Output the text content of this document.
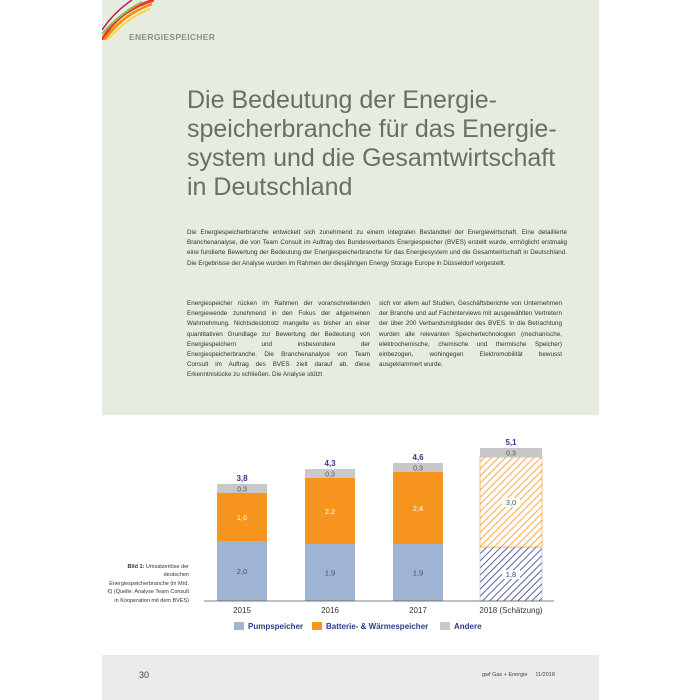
ENERGIESPEICHER
Die Bedeutung der Energie-
speicherbranche für das Energie-
system und die Gesamtwirtschaft
in Deutschland

Die Energiespeicherbranche entwickelt sich zunehmend zu einem integralen Bestandteil der Energiewirtschaft. Eine detaillierte Branchenanalyse, die von Team Consult im Auftrag des Bundesverbands Energiespeicher (BVES) erstellt wurde, ermöglicht erstmalig eine fundierte Bewertung der Bedeutung der Energiespeicherbranche für das Energiesystem und die Gesamtwirtschaft in Deutschland. Die Ergebnisse der Analyse wurden im Rahmen der diesjährigen Energy Storage Europe in Düsseldorf vorgestellt.

Energiespeicher rücken im Rahmen der voranschreitenden Energiewende zunehmend in den Fokus der allgemeinen Wahrnehmung. Nichtsdestotrotz mangelte es bisher an einer quantitativen Grundlage zur Bewertung der Bedeutung von Energiespeichern und insbesondere der Energiespeicherbranche. Die Branchenanalyse von Team Consult im Auftrag des BVES zielt darauf ab, diese Erkenntnislücke zu schließen. Die Analyse stützt

sich vor allem auf Studien, Geschäftsberichte von Unternehmen der Branche und auf Fachinterviews mit ausgewählten Vertretern der über 200 Verbandsmitglieder des BVES. In die Betrachtung wurden alle relevanten Speichertechnologien (mechanische, elektrochemische, chemische und thermische Speicher) einbezogen, wohingegen Elektromobilität bewusst ausgeklammert wurde.

Bild 1: Umsatzerlöse der deutschen Energiespeicherbranche (in Mrd. €) (Quelle: Analyse Team Consult in Kooperation mit dem BVES)
2,0
1,6
0,3
3,8
1,9
2,2
0,3
4,3
1,9
2,4
0,3
4,6
1,8
3,0
0,3
5,1
2015	2016	2017	2018 (Schätzung)
Pumpspeicher	Batterie- & Wärmespeicher	Andere
30	gwf Gas + Energie 11/2018
